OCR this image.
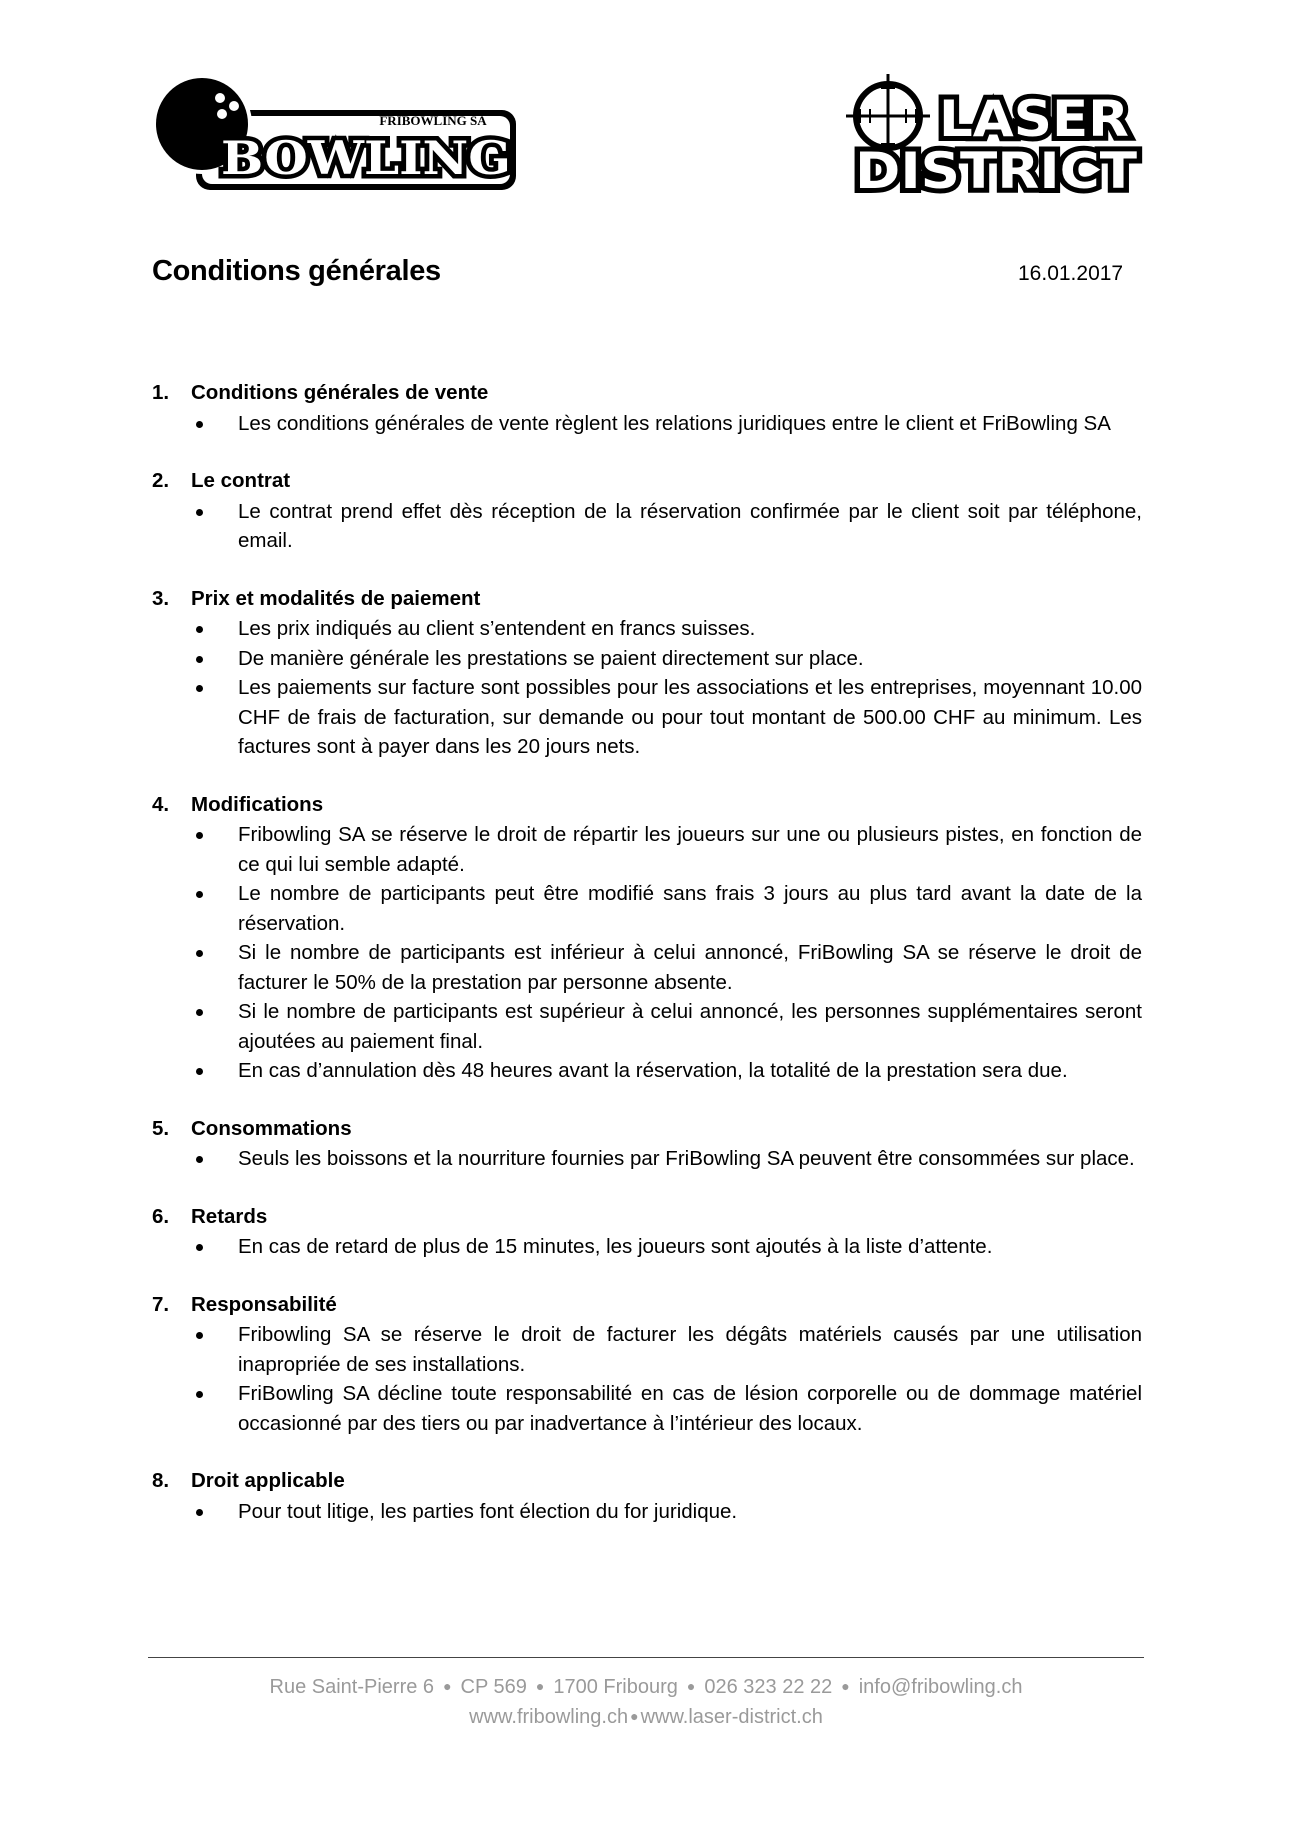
FRIBOWLING SA
BOWLING
LASER
DISTRICT
Conditions générales	16.01.2017
1.	Conditions générales de vente
Les conditions générales de vente règlent les relations juridiques entre le client et FriBowling SA
2.	Le contrat
Le contrat prend effet dès réception de la réservation confirmée par le client soit par téléphone, email.
3.	Prix et modalités de paiement
Les prix indiqués au client s’entendent en francs suisses.
De manière générale les prestations se paient directement sur place.
Les paiements sur facture sont possibles pour les associations et les entreprises, moyennant 10.00 CHF de frais de facturation, sur demande ou pour tout montant de 500.00 CHF au minimum. Les factures sont à payer dans les 20 jours nets.
4.	Modifications
Fribowling SA se réserve le droit de répartir les joueurs sur une ou plusieurs pistes, en fonction de ce qui lui semble adapté.
Le nombre de participants peut être modifié sans frais 3 jours au plus tard avant la date de la réservation.
Si le nombre de participants est inférieur à celui annoncé, FriBowling SA se réserve le droit de facturer le 50% de la prestation par personne absente.
Si le nombre de participants est supérieur à celui annoncé, les personnes supplémentaires seront ajoutées au paiement final.
En cas d’annulation dès 48 heures avant la réservation, la totalité de la prestation sera due.
5.	Consommations
Seuls les boissons et la nourriture fournies par FriBowling SA peuvent être consommées sur place.
6.	Retards
En cas de retard de plus de 15 minutes, les joueurs sont ajoutés à la liste d’attente.
7.	Responsabilité
Fribowling SA se réserve le droit de facturer les dégâts matériels causés par une utilisation inapropriée de ses installations.
FriBowling SA décline toute responsabilité en cas de lésion corporelle ou de dommage matériel occasionné par des tiers ou par inadvertance à l’intérieur des locaux.
8.	Droit applicable
Pour tout litige, les parties font élection du for juridique.
Rue Saint-Pierre 6 ● CP 569 ● 1700 Fribourg ● 026 323 22 22 ● info@fribowling.ch
www.fribowling.ch ● www.laser-district.ch
